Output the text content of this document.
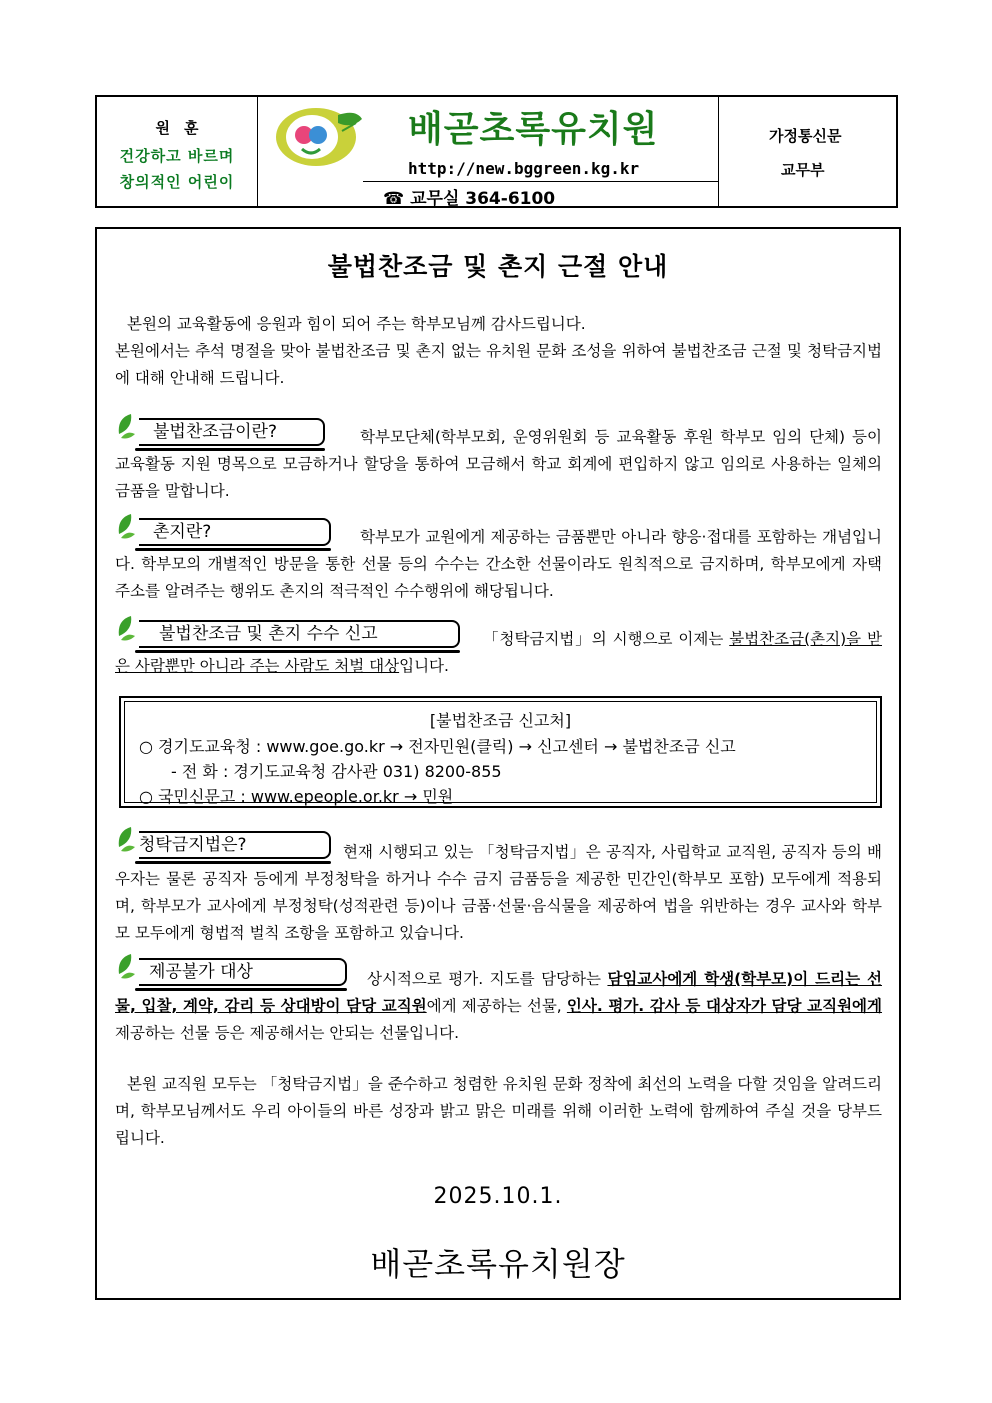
원훈
건강하고 바르며
창의적인 어린이
배곧초록유치원
http://new.bggreen.kg.kr
☎ 교무실 364-6100
가정통신문
교무부
불법찬조금 및 촌지 근절 안내
본원의 교육활동에 응원과 힘이 되어 주는 학부모님께 감사드립니다.
본원에서는 추석 명절을 맞아 불법찬조금 및 촌지 없는 유치원 문화 조성을 위하여 불법찬조금 근절 및 청탁금지법에 대해 안내해 드립니다.
불법찬조금이란?	학부모단체(학부모회, 운영위원회 등 교육활동 후원 학부모 임의 단체) 등이 교육활동 지원 명목으로 모금하거나 할당을 통하여 모금해서 학교 회계에 편입하지 않고 임의로 사용하는 일체의 금품을 말합니다.
촌지란?	학부모가 교원에게 제공하는 금품뿐만 아니라 향응·접대를 포함하는 개념입니다. 학부모의 개별적인 방문을 통한 선물 등의 수수는 간소한 선물이라도 원칙적으로 금지하며, 학부모에게 자택 주소를 알려주는 행위도 촌지의 적극적인 수수행위에 해당됩니다.
불법찬조금 및 촌지 수수 신고	「청탁금지법」의 시행으로 이제는 불법찬조금(촌지)을 받은 사람뿐만 아니라 주는 사람도 처벌 대상입니다.
[불법찬조금 신고처]
○ 경기도교육청 : www.goe.go.kr → 전자민원(클릭) → 신고센터 → 불법찬조금 신고
- 전 화 : 경기도교육청 감사관 031) 8200-855
○ 국민신문고 : www.epeople.or.kr → 민원
청탁금지법은?	현재 시행되고 있는 「청탁금지법」은 공직자, 사립학교 교직원, 공직자 등의 배우자는 물론 공직자 등에게 부정청탁을 하거나 수수 금지 금품등을 제공한 민간인(학부모 포함) 모두에게 적용되며, 학부모가 교사에게 부정청탁(성적관련 등)이나 금품·선물·음식물을 제공하여 법을 위반하는 경우 교사와 학부모 모두에게 형법적 벌칙 조항을 포함하고 있습니다.
제공불가 대상	상시적으로 평가. 지도를 담당하는 담임교사에게 학생(학부모)이 드리는 선물, 입찰, 계약, 감리 등 상대방이 담당 교직원에게 제공하는 선물, 인사. 평가. 감사 등 대상자가 담당 교직원에게 제공하는 선물 등은 제공해서는 안되는 선물입니다.
본원 교직원 모두는 「청탁금지법」을 준수하고 청렴한 유치원 문화 정착에 최선의 노력을 다할 것임을 알려드리며, 학부모님께서도 우리 아이들의 바른 성장과 밝고 맑은 미래를 위해 이러한 노력에 함께하여 주실 것을 당부드립니다.
2025.10.1.
배곧초록유치원장
